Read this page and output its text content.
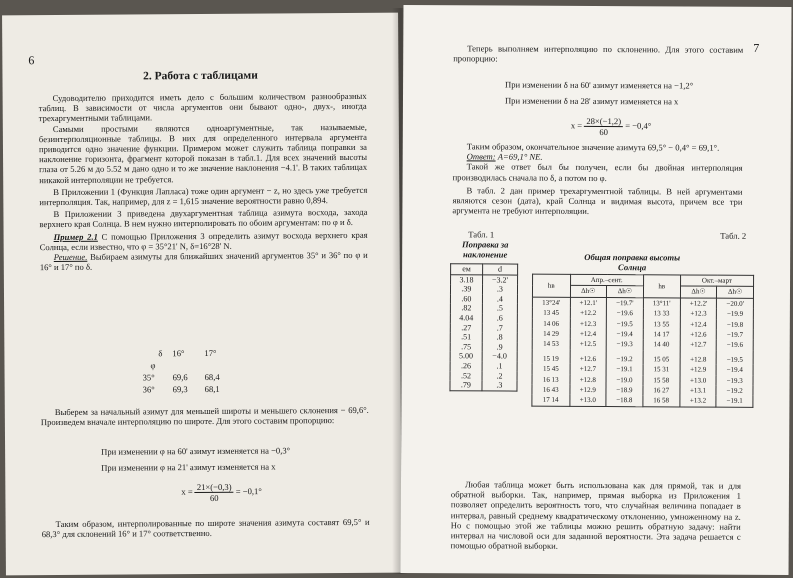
6
2. Работа с таблицами

Судоводителю приходится иметь дело с большим количеством разнообразных таблиц. В зависимости от числа аргументов они бывают одно-, двух-, иногда трехаргументными таблицами.

Самыми простыми являются одноаргументные, так называемые, безинтерполяционные таблицы. В них для определенного интервала аргумента приводится одно значение функции. Примером может служить таблица поправки за наклонение горизонта, фрагмент которой показан в табл.1. Для всех значений высоты глаза от 5.26 м до 5.52 м дано одно и то же значение наклонения −4.1'. В таких таблицах никакой интерполяции не требуется.

В Приложении 1 (Функция Лапласа) тоже один аргумент − z, но здесь уже требуется интерполяция. Так, например, для z = 1,615 значение вероятности равно 0,894.

В Приложении 3 приведена двухаргументная таблица азимута восхода, захода верхнего края Солнца. В нем нужно интерполировать по обоим аргументам: по φ и δ.

Пример 2.1 С помощью Приложения 3 определить азимут восхода верхнего края Солнца, если известно, что φ = 35°21' N, δ=16°28' N.

Решение. Выбираем азимуты для ближайших значений аргументов 35° и 36° по φ и 16° и 17° по δ.

δ 16° 17°
φ
35° 69,6 68,4
36° 69,3 68,1

Выберем за начальный азимут для меньшей широты и меньшего склонения − 69,6°. Произведем вначале интерполяцию по широте. Для этого составим пропорцию:

При изменении φ на 60' азимут изменяется на −0,3°
При изменении φ на 21' азимут изменяется на x
$x = \frac{21\times(-0,3)}{60} = -0,1^\circ$

Таким образом, интерполированные по широте значения азимута составят 69,5° и 68,3° для склонений 16° и 17° соответственно.

7

Теперь выполняем интерполяцию по склонению. Для этого составим пропорцию:

При изменении δ на 60' азимут изменяется на −1,2°
При изменении δ на 28' азимут изменяется на x
$x = \frac{28\times(-1,2)}{60} = -0,4^\circ$

Таким образом, окончательное значение азимута 69,5° − 0,4° = 69,1°.

Ответ: A=69,1° NE.

Такой же ответ был бы получен, если бы двойная интерполяция производилась сначала по δ, а потом по φ.

В табл. 2 дан пример трехаргументной таблицы. В ней аргументами являются сезон (дата), край Солнца и видимая высота, причем все три аргумента не требуют интерполяции.

Табл. 1
Поправка за
наклонение
eм	d
3.18	−3.2'
.39	.3
.60	.4
.82	.5
4.04	.6
.27	.7
.51	.8
.75	.9
5.00	−4.0
.26	.1
.52	.2
.79	.3
Табл. 2
Общая поправка высоты
Солнца
hв	Апр.–сент.		hв	Окт.–март	
	Δh☉	Δh☉		Δh☉	Δh☉
13°24'	+12.1'	−19.7'	13°11'	+12.2'	−20.0'
13 45	+12.2	−19.6	13 33	+12.3	−19.9
14 06	+12.3	−19.5	13 55	+12.4	−19.8
14 29	+12.4	−19.4	14 17	+12.6	−19.7
14 53	+12.5	−19.3	14 40	+12.7	−19.6
15 19	+12.6	−19.2	15 05	+12.8	−19.5
15 45	+12.7	−19.1	15 31	+12.9	−19.4
16 13	+12.8	−19.0	15 58	+13.0	−19.3
16 43	+12.9	−18.9	16 27	+13.1	−19.2
17 14	+13.0	−18.8	16 58	+13.2	−19.1

Любая таблица может быть использована как для прямой, так и для обратной выборки. Так, например, прямая выборка из Приложения 1 позволяет определить вероятность того, что случайная величина попадает в интервал, равный среднему квадратическому отклонению, умноженному на z. Но с помощью этой же таблицы можно решить обратную задачу: найти интервал на числовой оси для заданной вероятности. Эта задача решается с помощью обратной выборки.
